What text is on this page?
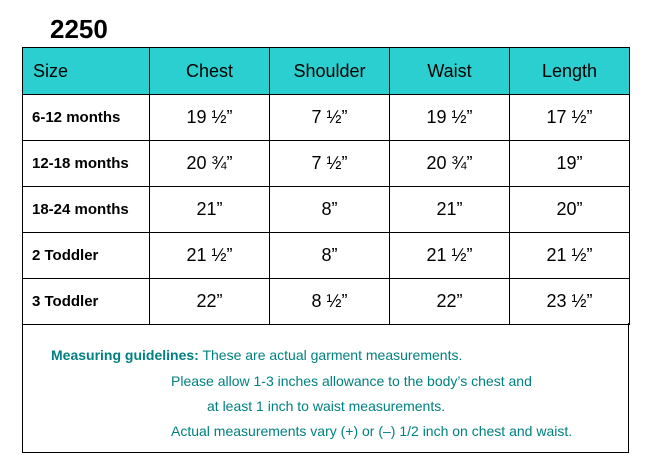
2250
Size	Chest	Shoulder	Waist	Length
6-12 months	19 ½”	7 ½”	19 ½”	17 ½”
12-18 months	20 ¾”	7 ½”	20 ¾”	19”
18-24 months	21”	8”	21”	20”
2 Toddler	21 ½”	8”	21 ½”	21 ½”
3 Toddler	22”	8 ½”	22”	23 ½”
Measuring guidelines: These are actual garment measurements.
Please allow 1-3 inches allowance to the body’s chest and
at least 1 inch to waist measurements.
Actual measurements vary (+) or (–) 1/2 inch on chest and waist.
